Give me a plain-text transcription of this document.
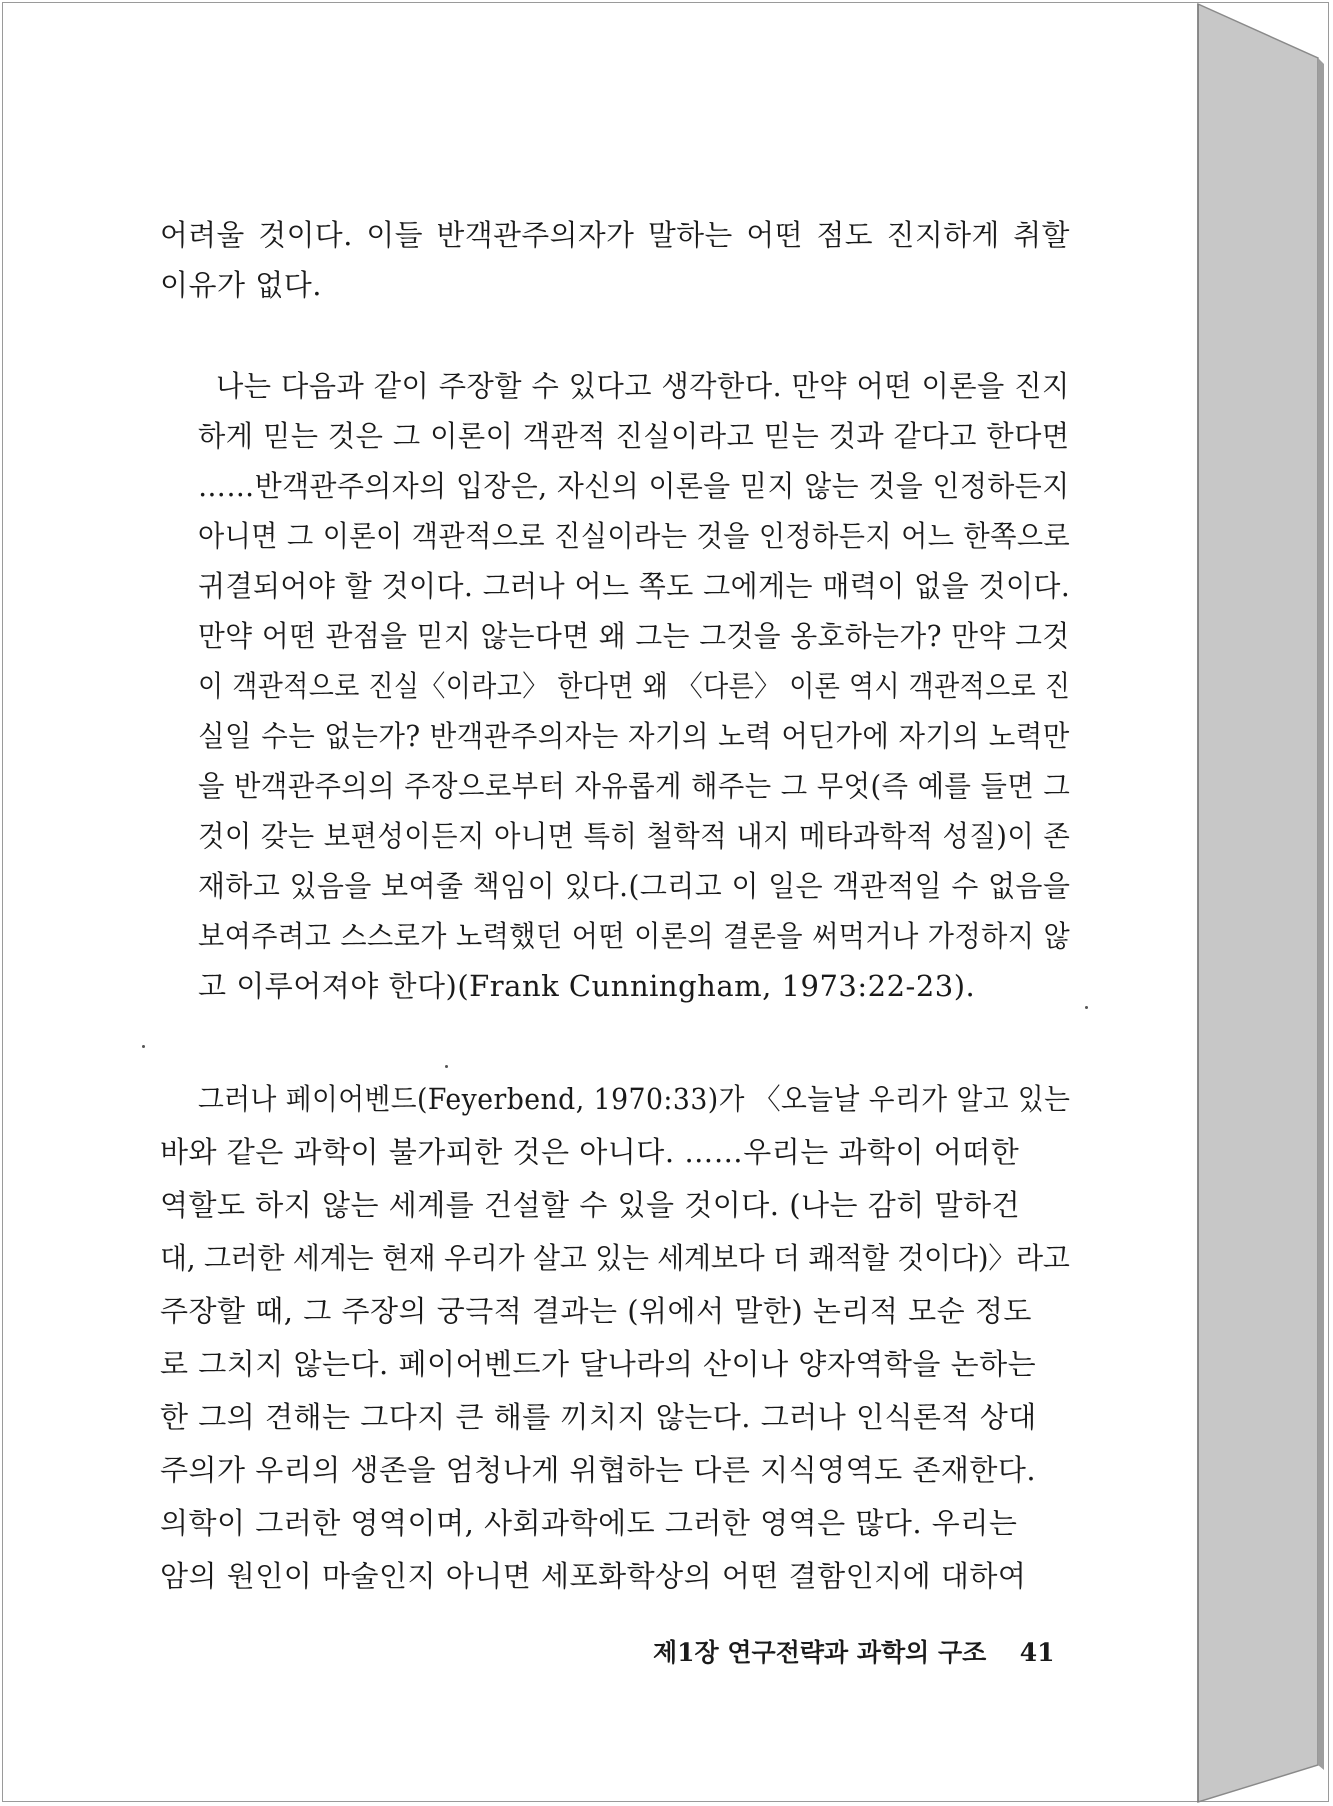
어려울 것이다. 이들 반객관주의자가 말하는 어떤 점도 진지하게 취할
이유가 없다.
나는 다음과 같이 주장할 수 있다고 생각한다. 만약 어떤 이론을 진지
하게 믿는 것은 그 이론이 객관적 진실이라고 믿는 것과 같다고 한다면
……반객관주의자의 입장은, 자신의 이론을 믿지 않는 것을 인정하든지
아니면 그 이론이 객관적으로 진실이라는 것을 인정하든지 어느 한쪽으로
귀결되어야 할 것이다. 그러나 어느 쪽도 그에게는 매력이 없을 것이다.
만약 어떤 관점을 믿지 않는다면 왜 그는 그것을 옹호하는가? 만약 그것
이 객관적으로 진실〈이라고〉 한다면 왜 〈다른〉 이론 역시 객관적으로 진
실일 수는 없는가? 반객관주의자는 자기의 노력 어딘가에 자기의 노력만
을 반객관주의의 주장으로부터 자유롭게 해주는 그 무엇(즉 예를 들면 그
것이 갖는 보편성이든지 아니면 특히 철학적 내지 메타과학적 성질)이 존
재하고 있음을 보여줄 책임이 있다.(그리고 이 일은 객관적일 수 없음을
보여주려고 스스로가 노력했던 어떤 이론의 결론을 써먹거나 가정하지 않
고 이루어져야 한다)(Frank Cunningham, 1973:22-23).
그러나 페이어벤드(Feyerbend, 1970:33)가 〈오늘날 우리가 알고 있는
바와 같은 과학이 불가피한 것은 아니다. ……우리는 과학이 어떠한
역할도 하지 않는 세계를 건설할 수 있을 것이다. (나는 감히 말하건
대, 그러한 세계는 현재 우리가 살고 있는 세계보다 더 쾌적할 것이다)〉라고
주장할 때, 그 주장의 궁극적 결과는 (위에서 말한) 논리적 모순 정도
로 그치지 않는다. 페이어벤드가 달나라의 산이나 양자역학을 논하는
한 그의 견해는 그다지 큰 해를 끼치지 않는다. 그러나 인식론적 상대
주의가 우리의 생존을 엄청나게 위협하는 다른 지식영역도 존재한다.
의학이 그러한 영역이며, 사회과학에도 그러한 영역은 많다. 우리는
암의 원인이 마술인지 아니면 세포화학상의 어떤 결함인지에 대하여
제1장 연구전략과 과학의 구조 41
